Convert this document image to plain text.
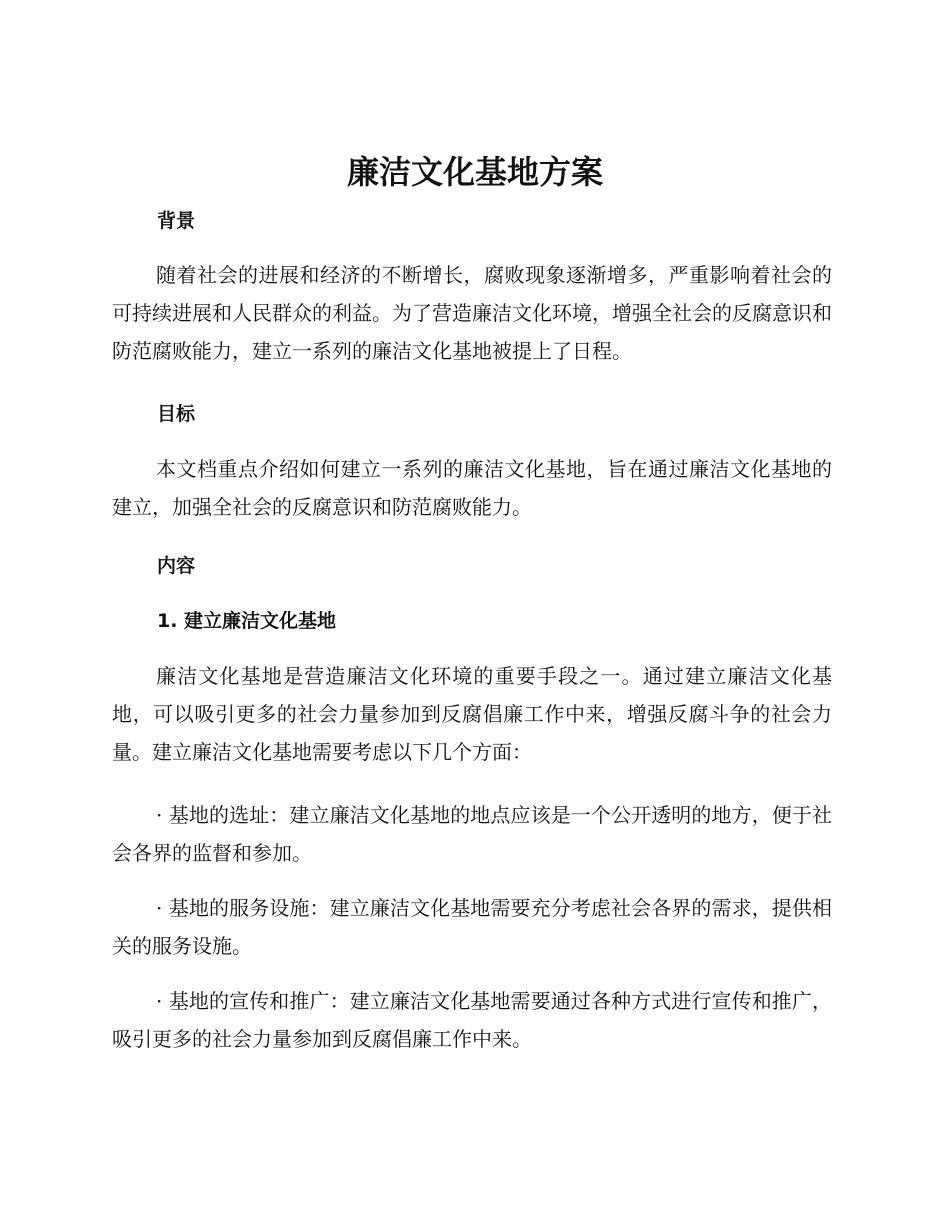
廉洁文化基地方案
背景

随着社会的进展和经济的不断增长，腐败现象逐渐增多，严重影响着社会的可持续进展和人民群众的利益。为了营造廉洁文化环境，增强全社会的反腐意识和防范腐败能力，建立一系列的廉洁文化基地被提上了日程。

目标

本文档重点介绍如何建立一系列的廉洁文化基地，旨在通过廉洁文化基地的建立，加强全社会的反腐意识和防范腐败能力。

内容
1. 建立廉洁文化基地

廉洁文化基地是营造廉洁文化环境的重要手段之一。通过建立廉洁文化基地，可以吸引更多的社会力量参加到反腐倡廉工作中来，增强反腐斗争的社会力量。建立廉洁文化基地需要考虑以下几个方面：

· 基地的选址：建立廉洁文化基地的地点应该是一个公开透明的地方，便于社会各界的监督和参加。

· 基地的服务设施：建立廉洁文化基地需要充分考虑社会各界的需求，提供相关的服务设施。

· 基地的宣传和推广：建立廉洁文化基地需要通过各种方式进行宣传和推广，吸引更多的社会力量参加到反腐倡廉工作中来。
